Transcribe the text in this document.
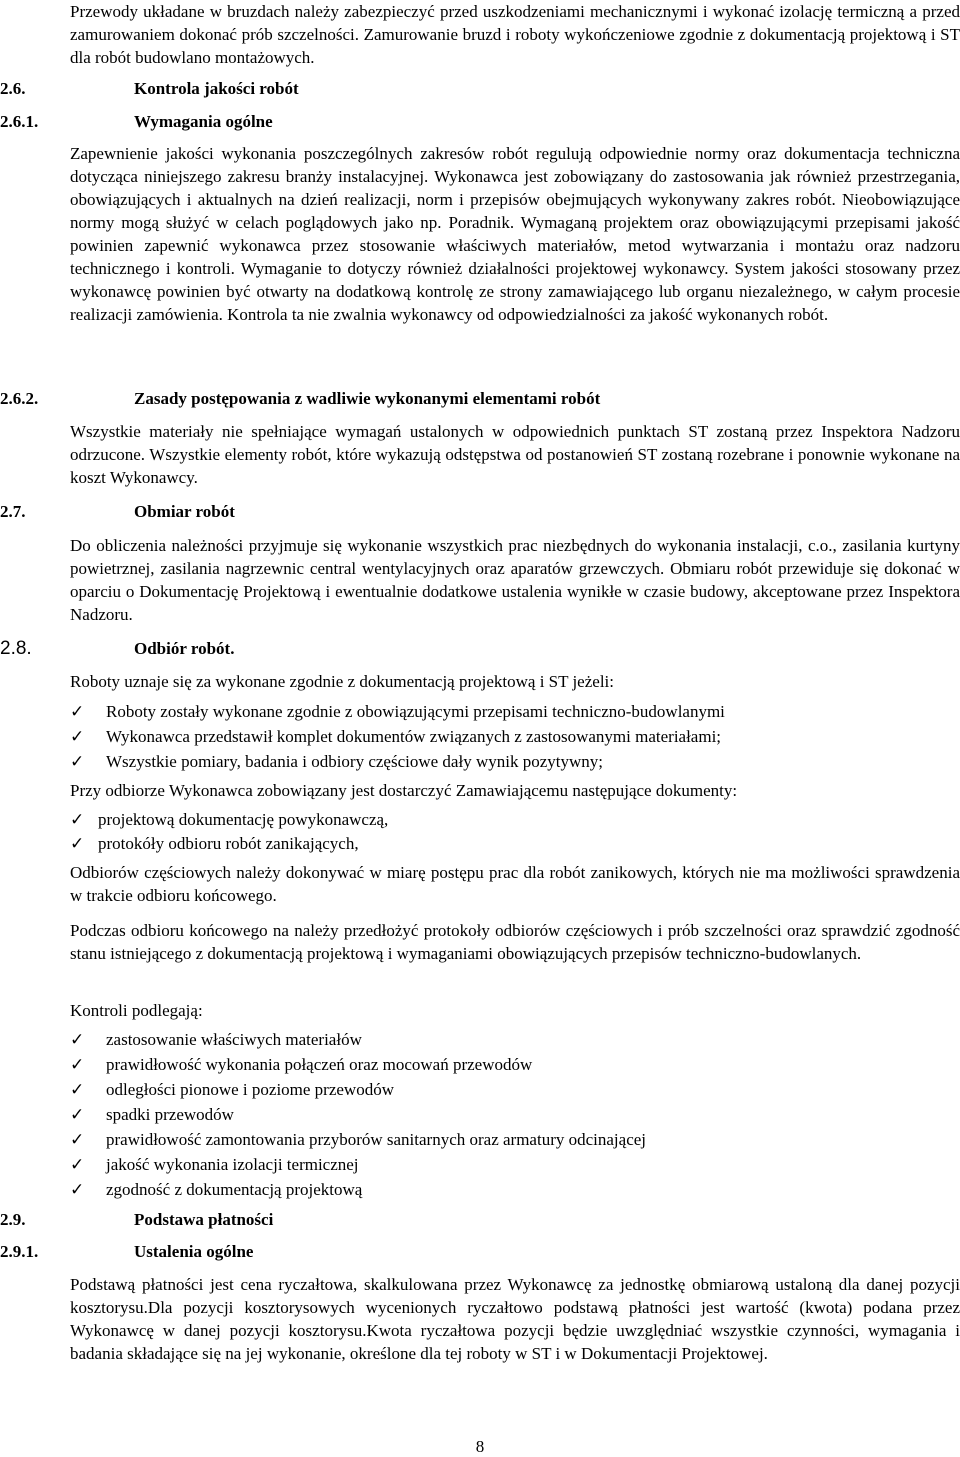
Przewody układane w bruzdach należy zabezpieczyć przed uszkodzeniami mechanicznymi i wykonać izolację termiczną a przed zamurowaniem dokonać prób szczelności. Zamurowanie bruzd i roboty wykończeniowe zgodnie z dokumentacją projektową i ST dla robót budowlano montażowych.
2.6.	Kontrola jakości robót
2.6.1.	Wymagania ogólne
Zapewnienie jakości wykonania poszczególnych zakresów robót regulują odpowiednie normy oraz dokumentacja techniczna dotycząca niniejszego zakresu branży instalacyjnej. Wykonawca jest zobowiązany do zastosowania jak również przestrzegania, obowiązujących i aktualnych na dzień realizacji, norm i przepisów obejmujących wykonywany zakres robót. Nieobowiązujące normy mogą służyć w celach poglądowych jako np. Poradnik. Wymaganą projektem oraz obowiązującymi przepisami jakość powinien zapewnić wykonawca przez stosowanie właściwych materiałów, metod wytwarzania i montażu oraz nadzoru technicznego i kontroli. Wymaganie to dotyczy również działalności projektowej wykonawcy. System jakości stosowany przez wykonawcę powinien być otwarty na dodatkową kontrolę ze strony zamawiającego lub organu niezależnego, w całym procesie realizacji zamówienia. Kontrola ta nie zwalnia wykonawcy od odpowiedzialności za jakość wykonanych robót.
2.6.2.	Zasady postępowania z wadliwie wykonanymi elementami robót
Wszystkie materiały nie spełniające wymagań ustalonych w odpowiednich punktach ST zostaną przez Inspektora Nadzoru odrzucone. Wszystkie elementy robót, które wykazują odstępstwa od postanowień ST zostaną rozebrane i ponownie wykonane na koszt Wykonawcy.
2.7.	Obmiar robót
Do obliczenia należności przyjmuje się wykonanie wszystkich prac niezbędnych do wykonania instalacji, c.o., zasilania kurtyny powietrznej, zasilania nagrzewnic central wentylacyjnych oraz aparatów grzewczych. Obmiaru robót przewiduje się dokonać w oparciu o Dokumentację Projektową i ewentualnie dodatkowe ustalenia wynikłe w czasie budowy, akceptowane przez Inspektora Nadzoru.
2.8.	Odbiór robót.
Roboty uznaje się za wykonane zgodnie z dokumentacją projektową i ST jeżeli:
✓ Roboty zostały wykonane zgodnie z obowiązującymi przepisami techniczno-budowlanymi
✓ Wykonawca przedstawił komplet dokumentów związanych z zastosowanymi materiałami;
✓ Wszystkie pomiary, badania i odbiory częściowe dały wynik pozytywny;
Przy odbiorze Wykonawca zobowiązany jest dostarczyć Zamawiającemu następujące dokumenty:
✓ projektową dokumentację powykonawczą,
✓ protokóły odbioru robót zanikających,
Odbiorów częściowych należy dokonywać w miarę postępu prac dla robót zanikowych, których nie ma możliwości sprawdzenia w trakcie odbioru końcowego.
Podczas odbioru końcowego na należy przedłożyć protokoły odbiorów częściowych i prób szczelności oraz sprawdzić zgodność stanu istniejącego z dokumentacją projektową i wymaganiami obowiązujących przepisów techniczno-budowlanych.
Kontroli podlegają:
✓ zastosowanie właściwych materiałów
✓ prawidłowość wykonania połączeń oraz mocowań przewodów
✓ odległości pionowe i poziome przewodów
✓ spadki przewodów
✓ prawidłowość zamontowania przyborów sanitarnych oraz armatury odcinającej
✓ jakość wykonania izolacji termicznej
✓ zgodność z dokumentacją projektową
2.9.	Podstawa płatności
2.9.1.	Ustalenia ogólne
Podstawą płatności jest cena ryczałtowa, skalkulowana przez Wykonawcę za jednostkę obmiarową ustaloną dla danej pozycji kosztorysu.Dla pozycji kosztorysowych wycenionych ryczałtowo podstawą płatności jest wartość (kwota) podana przez Wykonawcę w danej pozycji kosztorysu.Kwota ryczałtowa pozycji będzie uwzględniać wszystkie czynności, wymagania i badania składające się na jej wykonanie, określone dla tej roboty w ST i w Dokumentacji Projektowej.
8
